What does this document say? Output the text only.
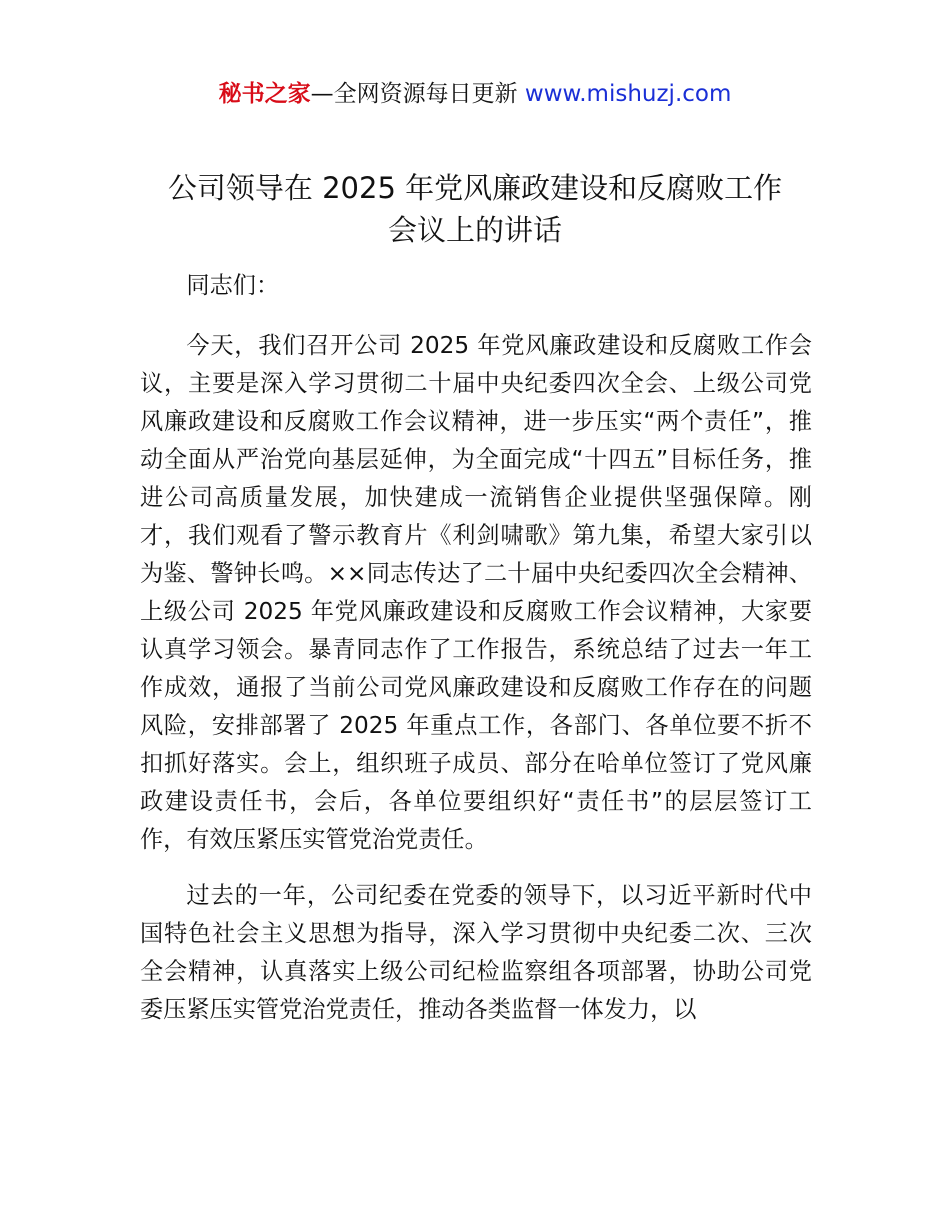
秘书之家—全网资源每日更新 www.mishuzj.com
公司领导在 2025 年党风廉政建设和反腐败工作
会议上的讲话

同志们：

今天，我们召开公司 2025 年党风廉政建设和反腐败工作会议，主要是深入学习贯彻二十届中央纪委四次全会、上级公司党风廉政建设和反腐败工作会议精神，进一步压实“两个责任”，推动全面从严治党向基层延伸，为全面完成“十四五”目标任务，推进公司高质量发展，加快建成一流销售企业提供坚强保障。刚才，我们观看了警示教育片《利剑啸歌》第九集，希望大家引以为鉴、警钟长鸣。××同志传达了二十届中央纪委四次全会精神、上级公司 2025 年党风廉政建设和反腐败工作会议精神，大家要认真学习领会。暴青同志作了工作报告，系统总结了过去一年工作成效，通报了当前公司党风廉政建设和反腐败工作存在的问题风险，安排部署了 2025 年重点工作，各部门、各单位要不折不扣抓好落实。会上，组织班子成员、部分在哈单位签订了党风廉政建设责任书，会后，各单位要组织好“责任书”的层层签订工作，有效压紧压实管党治党责任。

过去的一年，公司纪委在党委的领导下，以习近平新时代中国特色社会主义思想为指导，深入学习贯彻中央纪委二次、三次全会精神，认真落实上级公司纪检监察组各项部署，协助公司党委压紧压实管党治党责任，推动各类监督一体发力，以
